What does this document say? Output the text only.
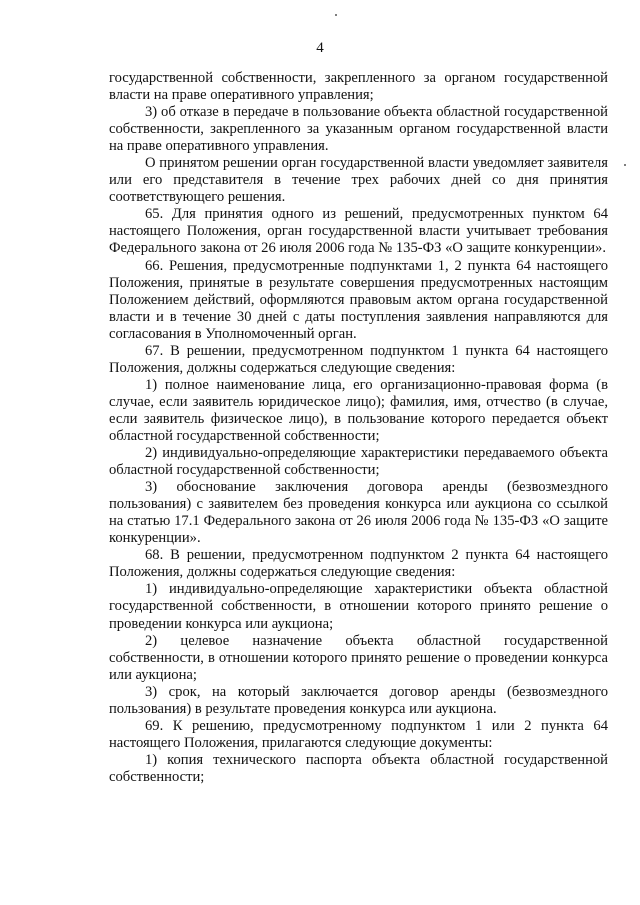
4

государственной собственности, закрепленного за органом государственной власти на праве оперативного управления;

3) об отказе в передаче в пользование объекта областной государственной собственности, закрепленного за указанным органом государственной власти на праве оперативного управления.

О принятом решении орган государственной власти уведомляет заявителя или его представителя в течение трех рабочих дней со дня принятия соответствующего решения.

65. Для принятия одного из решений, предусмотренных пунктом 64 настоящего Положения, орган государственной власти учитывает требования Федерального закона от 26 июля 2006 года № 135-ФЗ «О защите конкуренции».

66. Решения, предусмотренные подпунктами 1, 2 пункта 64 настоящего Положения, принятые в результате совершения предусмотренных настоящим Положением действий, оформляются правовым актом органа государственной власти и в течение 30 дней с даты поступления заявления направляются для согласования в Уполномоченный орган.

67. В решении, предусмотренном подпунктом 1 пункта 64 настоящего Положения, должны содержаться следующие сведения:

1) полное наименование лица, его организационно-правовая форма (в случае, если заявитель юридическое лицо); фамилия, имя, отчество (в случае, если заявитель физическое лицо), в пользование которого передается объект областной государственной собственности;

2) индивидуально-определяющие характеристики передаваемого объекта областной государственной собственности;

3) обоснование заключения договора аренды (безвозмездного пользования) с заявителем без проведения конкурса или аукциона со ссылкой на статью 17.1 Федерального закона от 26 июля 2006 года № 135-ФЗ «О защите конкуренции».

68. В решении, предусмотренном подпунктом 2 пункта 64 настоящего Положения, должны содержаться следующие сведения:

1) индивидуально-определяющие характеристики объекта областной государственной собственности, в отношении которого принято решение о проведении конкурса или аукциона;

2) целевое назначение объекта областной государственной собственности, в отношении которого принято решение о проведении конкурса или аукциона;

3) срок, на который заключается договор аренды (безвозмездного пользования) в результате проведения конкурса или аукциона.

69. К решению, предусмотренному подпунктом 1 или 2 пункта 64 настоящего Положения, прилагаются следующие документы:

1) копия технического паспорта объекта областной государственной собственности;
